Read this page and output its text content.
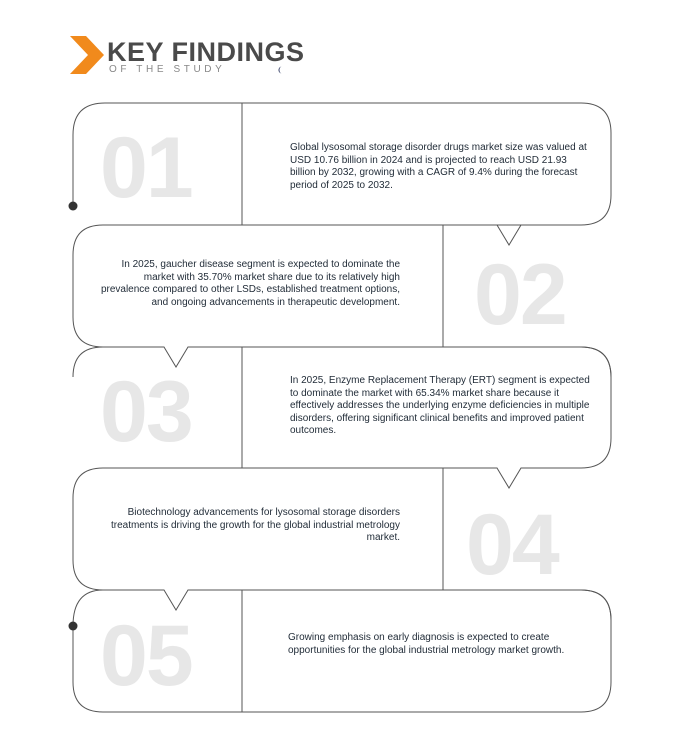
KEY FINDINGS
OF THE STUDY
01	Global lysosomal storage disorder drugs market size was valued at USD 10.76 billion in 2024 and is projected to reach USD 21.93 billion by 2032, growing with a CAGR of 9.4% during the forecast period of 2025 to 2032.

02

In 2025, gaucher disease segment is expected to dominate the market with 35.70% market share due to its relatively high prevalence compared to other LSDs, established treatment options, and ongoing advancements in therapeutic development.

03	In 2025, Enzyme Replacement Therapy (ERT) segment is expected to dominate the market with 65.34% market share because it effectively addresses the underlying enzyme deficiencies in multiple disorders, offering significant clinical benefits and improved patient outcomes.

04

Biotechnology advancements for lysosomal storage disorders treatments is driving the growth for the global industrial metrology market.

05	Growing emphasis on early diagnosis is expected to create opportunities for the global industrial metrology market growth.
